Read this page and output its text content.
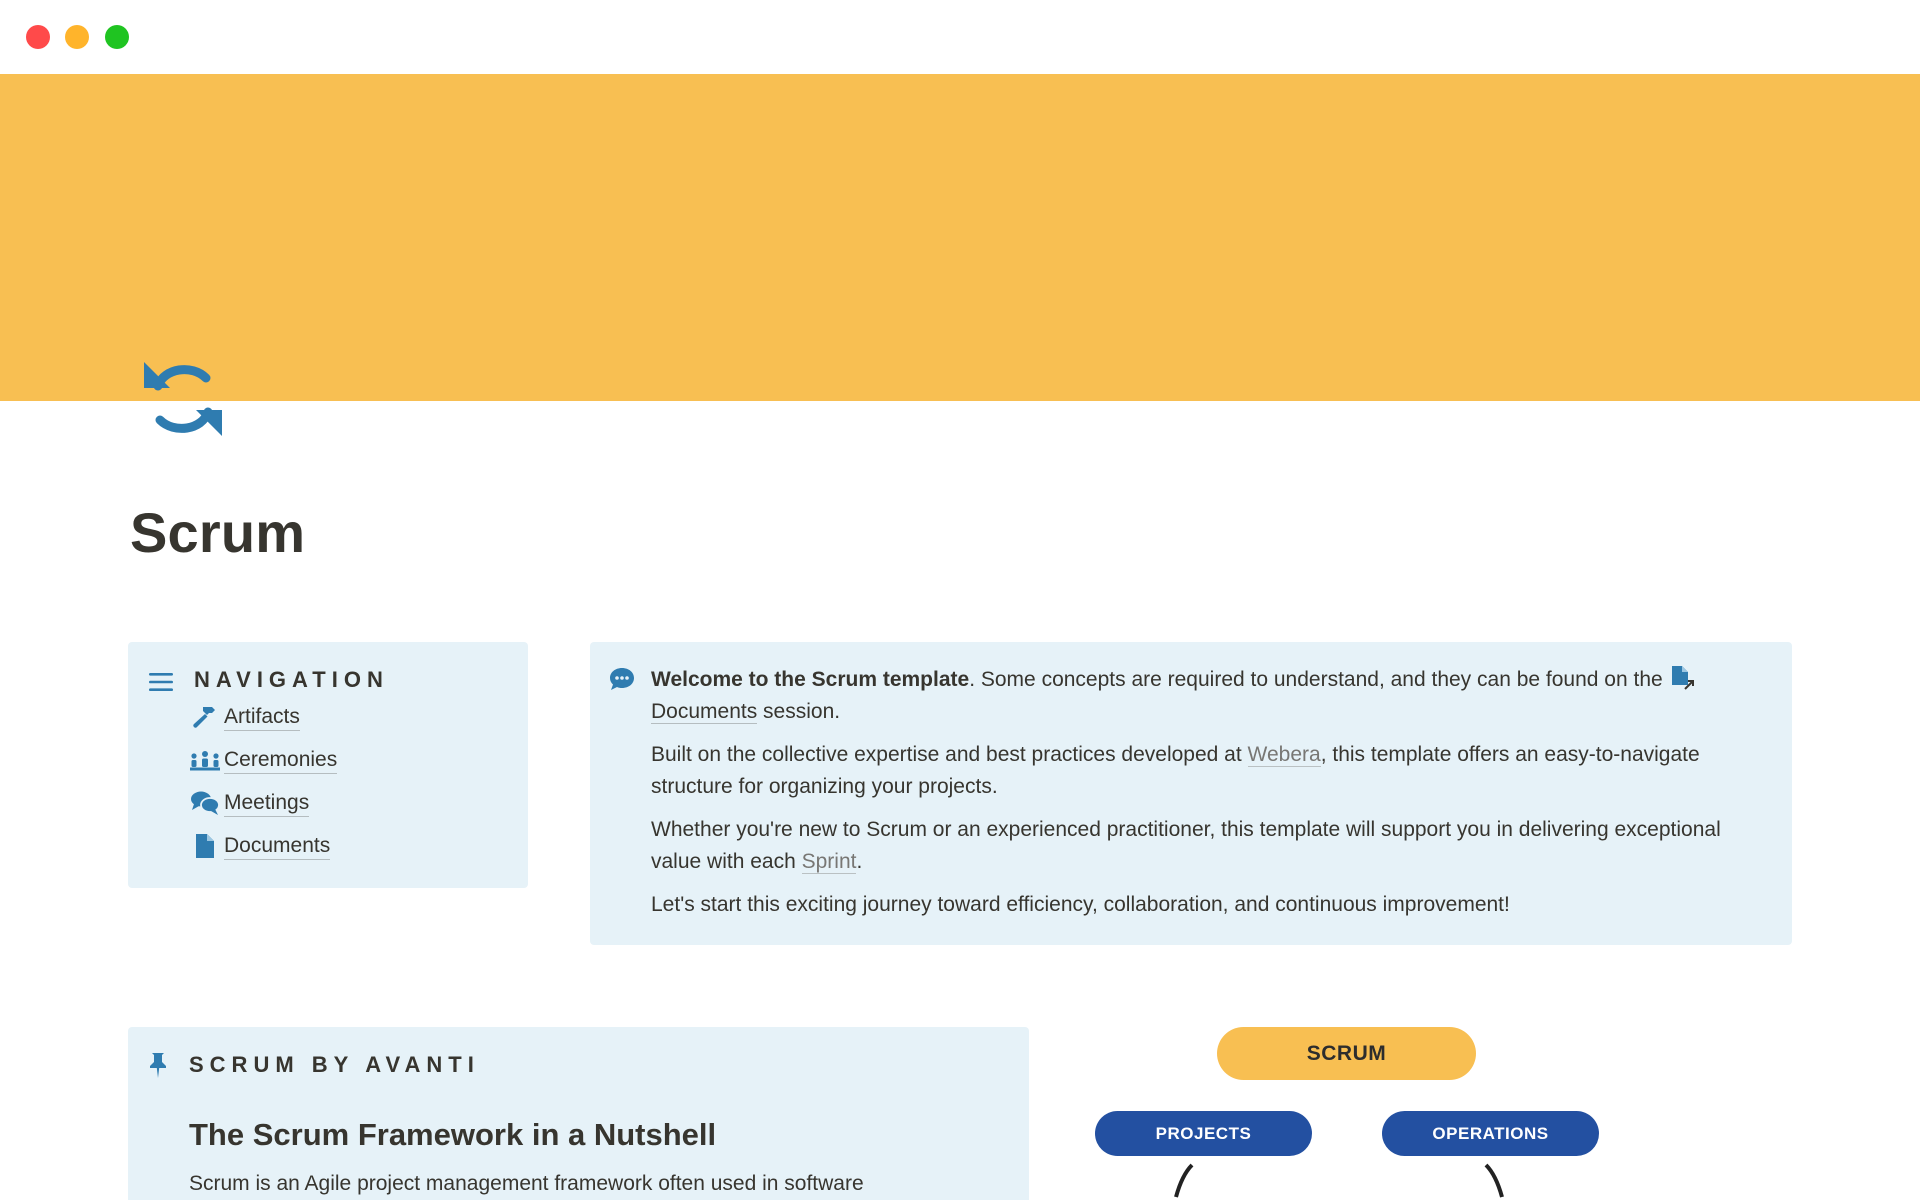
Scrum
NAVIGATION
Artifacts
Ceremonies
Meetings
Documents

Welcome to the Scrum template. Some concepts are required to understand, and they can be found on the
Documents session.

Built on the collective expertise and best practices developed at Webera, this template offers an easy-to-navigate structure for organizing your projects.

Whether you're new to Scrum or an experienced practitioner, this template will support you in delivering exceptional value with each Sprint.

Let's start this exciting journey toward efficiency, collaboration, and continuous improvement!

SCRUM BY AVANTI
The Scrum Framework in a Nutshell
Scrum is an Agile project management framework often used in software
SCRUM
PROJECTS	OPERATIONS
